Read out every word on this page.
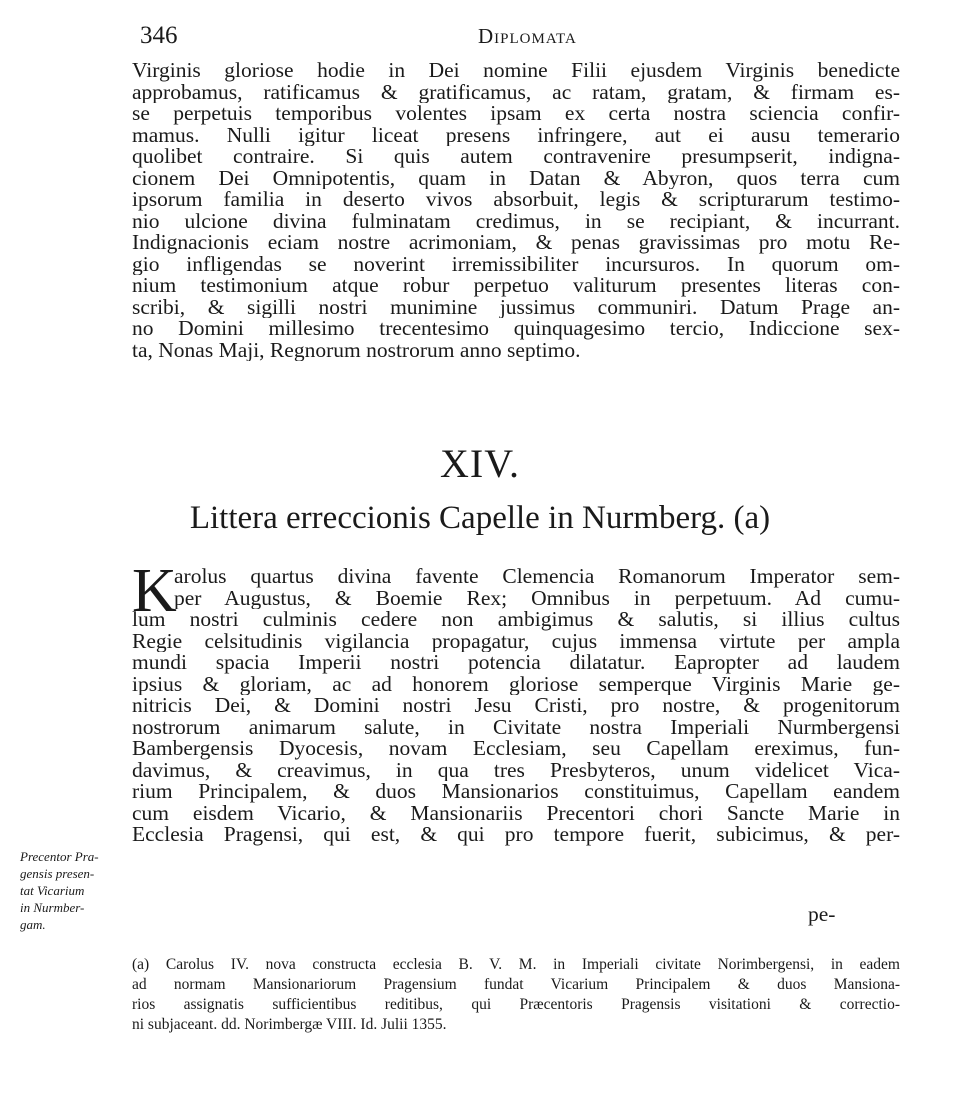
346	Diplomata
Virginis gloriose hodie in Dei nomine Filii ejusdem Virginis benedicte
approbamus, ratificamus & gratificamus, ac ratam, gratam, & firmam es-
se perpetuis temporibus volentes ipsam ex certa nostra sciencia confir-
mamus. Nulli igitur liceat presens infringere, aut ei ausu temerario
quolibet contraire. Si quis autem contravenire presumpserit, indigna-
cionem Dei Omnipotentis, quam in Datan & Abyron, quos terra cum
ipsorum familia in deserto vivos absorbuit, legis & scripturarum testimo-
nio ulcione divina fulminatam credimus, in se recipiant, & incurrant.
Indignacionis eciam nostre acrimoniam, & penas gravissimas pro motu Re-
gio infligendas se noverint irremissibiliter incursuros. In quorum om-
nium testimonium atque robur perpetuo valiturum presentes literas con-
scribi, & sigilli nostri munimine jussimus communiri. Datum Prage an-
no Domini millesimo trecentesimo quinquagesimo tercio, Indiccione sex-
ta, Nonas Maji, Regnorum nostrorum anno septimo.
XIV.
Littera erreccionis Capelle in Nurmberg. (a)
K
arolus quartus divina favente Clemencia Romanorum Imperator sem-
per Augustus, & Boemie Rex; Omnibus in perpetuum. Ad cumu-
lum nostri culminis cedere non ambigimus & salutis, si illius cultus
Regie celsitudinis vigilancia propagatur, cujus immensa virtute per ampla
mundi spacia Imperii nostri potencia dilatatur. Eapropter ad laudem
ipsius & gloriam, ac ad honorem gloriose semperque Virginis Marie ge-
nitricis Dei, & Domini nostri Jesu Cristi, pro nostre, & progenitorum
nostrorum animarum salute, in Civitate nostra Imperiali Nurmbergensi
Bambergensis Dyocesis, novam Ecclesiam, seu Capellam ereximus, fun-
davimus, & creavimus, in qua tres Presbyteros, unum videlicet Vica-
rium Principalem, & duos Mansionarios constituimus, Capellam eandem
cum eisdem Vicario, & Mansionariis Precentori chori Sancte Marie in
Ecclesia Pragensi, qui est, & qui pro tempore fuerit, subicimus, & per-
pe-
Precentor Pra-
gensis presen-
tat Vicarium
in Nurmber-
gam.
(a) Carolus IV. nova constructa ecclesia B. V. M. in Imperiali civitate Norimbergensi, in eadem
ad normam Mansionariorum Pragensium fundat Vicarium Principalem & duos Mansiona-
rios assignatis sufficientibus reditibus, qui Præcentoris Pragensis visitationi & correctio-
ni subjaceant. dd. Norimbergæ VIII. Id. Julii 1355.
